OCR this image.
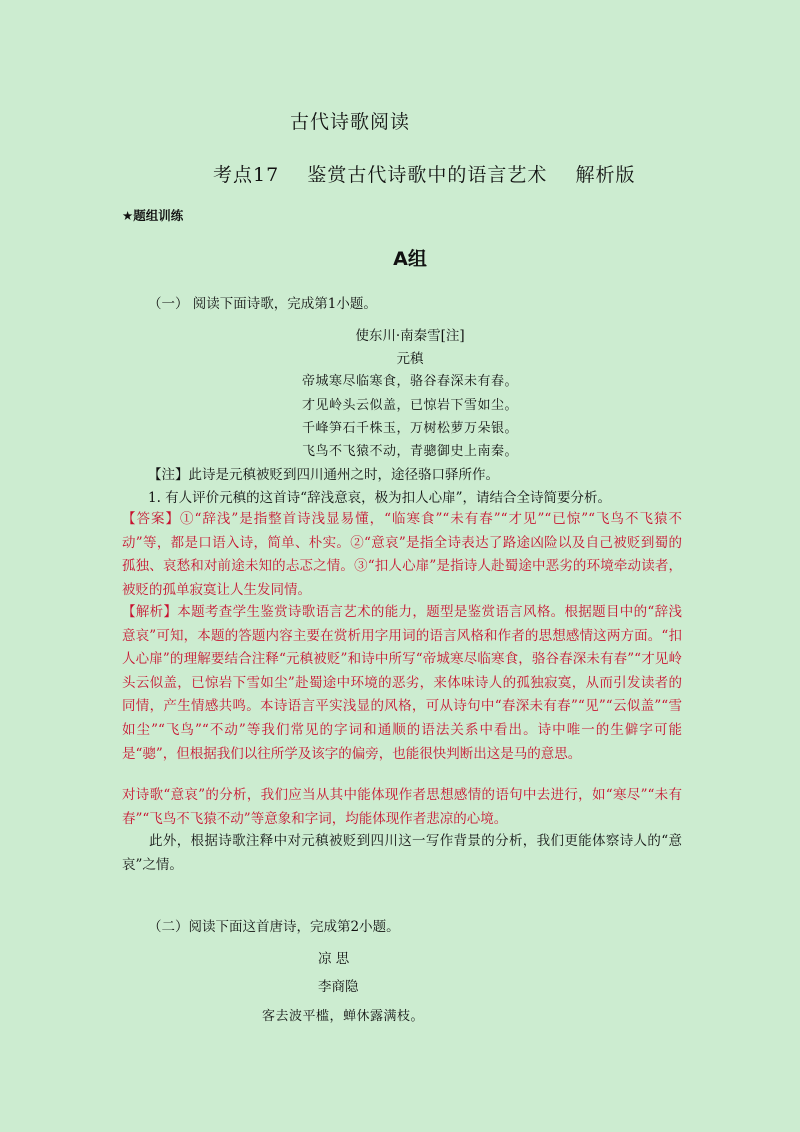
古代诗歌阅读
考点17    鉴赏古代诗歌中的语言艺术    解析版
★题组训练
A组
（一） 阅读下面诗歌，完成第1小题。
使东川·南秦雪[注]
元稹
帝城寒尽临寒食，骆谷春深未有春。
才见岭头云似盖，已惊岩下雪如尘。
千峰笋石千株玉，万树松萝万朵银。
飞鸟不飞猿不动，青骢御史上南秦。
【注】此诗是元稹被贬到四川通州之时，途径骆口驿所作。
1. 有人评价元稹的这首诗“辞浅意哀，极为扣人心扉”，请结合全诗简要分析。
【答案】①“辞浅”是指整首诗浅显易懂，“临寒食”“未有春”“才见”“已惊”“飞鸟不飞猿不动”等，都是口语入诗，简单、朴实。②“意哀”是指全诗表达了路途凶险以及自己被贬到蜀的孤独、哀愁和对前途未知的忐忑之情。③“扣人心扉”是指诗人赴蜀途中恶劣的环境牵动读者，被贬的孤单寂寞让人生发同情。
【解析】本题考查学生鉴赏诗歌语言艺术的能力，题型是鉴赏语言风格。根据题目中的“辞浅意哀”可知，本题的答题内容主要在赏析用字用词的语言风格和作者的思想感情这两方面。“扣人心扉”的理解要结合注释“元稹被贬”和诗中所写“帝城寒尽临寒食，骆谷春深未有春”“才见岭头云似盖，已惊岩下雪如尘”赴蜀途中环境的恶劣，来体味诗人的孤独寂寞，从而引发读者的同情，产生情感共鸣。本诗语言平实浅显的风格，可从诗句中“春深未有春”“见”“云似盖”“雪如尘”“飞鸟”“不动”等我们常见的字词和通顺的语法关系中看出。诗中唯一的生僻字可能是“骢”，但根据我们以往所学及该字的偏旁，也能很快判断出这是马的意思。
对诗歌“意哀”的分析，我们应当从其中能体现作者思想感情的语句中去进行，如“寒尽”“未有春”“飞鸟不飞猿不动”等意象和字词，均能体现作者悲凉的心境。
此外，根据诗歌注释中对元稹被贬到四川这一写作背景的分析，我们更能体察诗人的“意哀”之情。
（二）阅读下面这首唐诗，完成第2小题。
凉 思
李商隐
客去波平槛，蝉休露满枝。
